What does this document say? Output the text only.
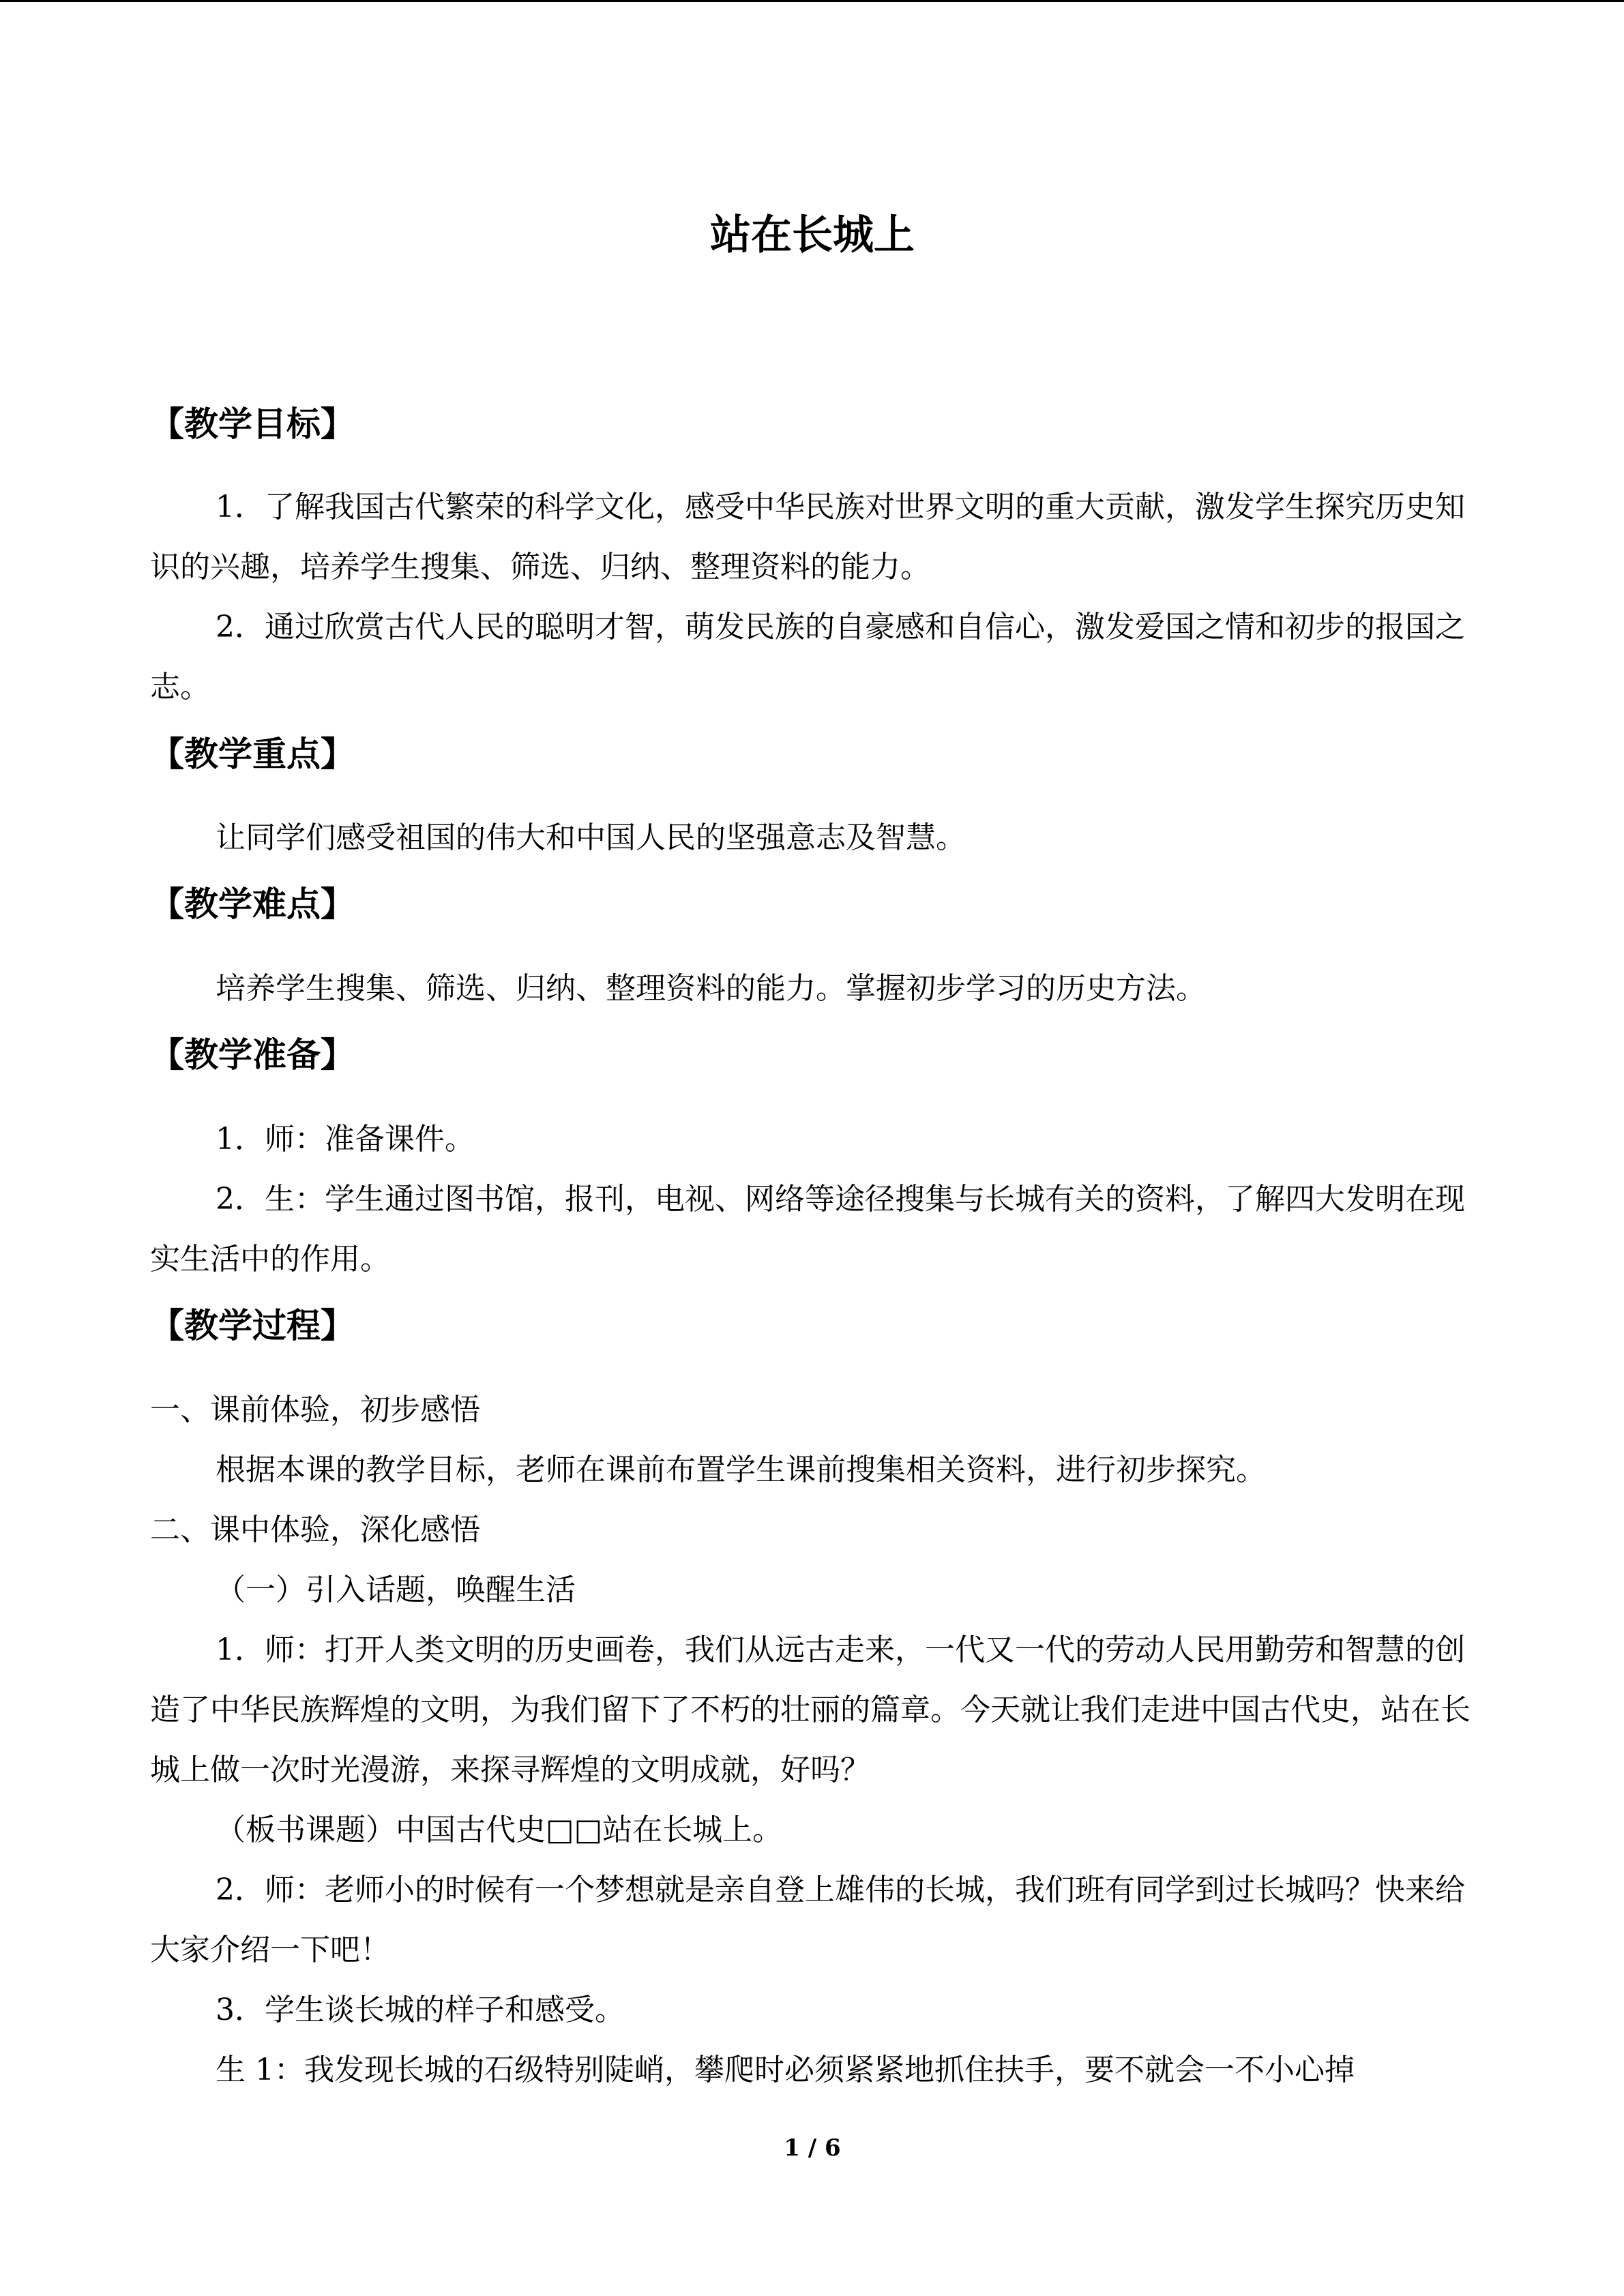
站在长城上
【教学目标】
1．了解我国古代繁荣的科学文化，感受中华民族对世界文明的重大贡献，激发学生探究历史知识的兴趣，培养学生搜集、筛选、归纳、整理资料的能力。
2．通过欣赏古代人民的聪明才智，萌发民族的自豪感和自信心，激发爱国之情和初步的报国之志。
【教学重点】
让同学们感受祖国的伟大和中国人民的坚强意志及智慧。
【教学难点】
培养学生搜集、筛选、归纳、整理资料的能力。掌握初步学习的历史方法。
【教学准备】
1．师：准备课件。
2．生：学生通过图书馆，报刊，电视、网络等途径搜集与长城有关的资料，了解四大发明在现实生活中的作用。
【教学过程】
一、课前体验，初步感悟
根据本课的教学目标，老师在课前布置学生课前搜集相关资料，进行初步探究。
二、课中体验，深化感悟
（一）引入话题，唤醒生活
1．师：打开人类文明的历史画卷，我们从远古走来，一代又一代的劳动人民用勤劳和智慧的创造了中华民族辉煌的文明，为我们留下了不朽的壮丽的篇章。今天就让我们走进中国古代史，站在长城上做一次时光漫游，来探寻辉煌的文明成就，好吗？
（板书课题）中国古代史□□站在长城上。
2．师：老师小的时候有一个梦想就是亲自登上雄伟的长城，我们班有同学到过长城吗？快来给大家介绍一下吧！
3．学生谈长城的样子和感受。
生 1：我发现长城的石级特别陡峭，攀爬时必须紧紧地抓住扶手，要不就会一不小心掉
1 / 6
